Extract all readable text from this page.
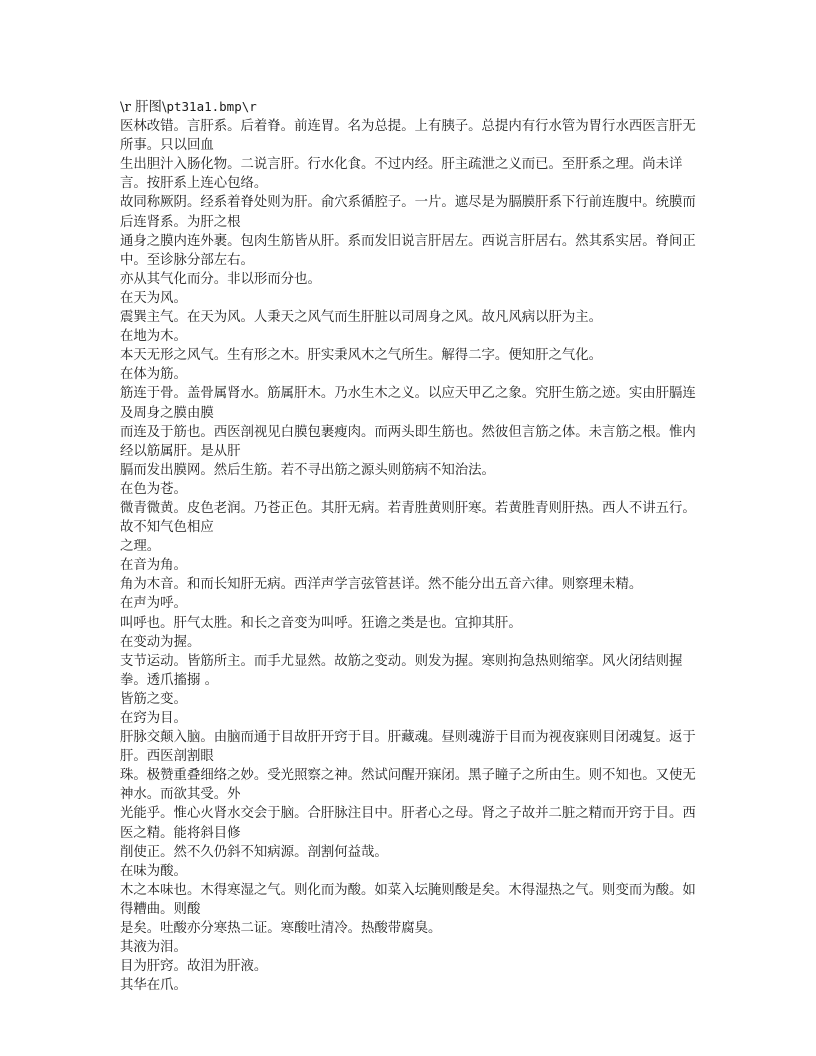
\r 肝图\pt31a1.bmp\r
医林改错。言肝系。后着脊。前连胃。名为总提。上有胰子。总提内有行水管为胃行水西医言肝无所事。只以回血
生出胆汁入肠化物。二说言肝。行水化食。不过内经。肝主疏泄之义而已。至肝系之理。尚未详言。按肝系上连心包络。
故同称厥阴。经系着脊处则为肝。俞穴系循腔子。一片。遮尽是为膈膜肝系下行前连腹中。统膜而后连肾系。为肝之根
通身之膜内连外裹。包肉生筋皆从肝。系而发旧说言肝居左。西说言肝居右。然其系实居。脊间正中。至诊脉分部左右。
亦从其气化而分。非以形而分也。
在天为风。
震巽主气。在天为风。人秉天之风气而生肝脏以司周身之风。故凡风病以肝为主。
在地为木。
本天无形之风气。生有形之木。肝实秉风木之气所生。解得二字。便知肝之气化。
在体为筋。
筋连于骨。盖骨属肾水。筋属肝木。乃水生木之义。以应天甲乙之象。究肝生筋之迹。实由肝膈连及周身之膜由膜
而连及于筋也。西医剖视见白膜包裹瘦肉。而两头即生筋也。然彼但言筋之体。未言筋之根。惟内经以筋属肝。是从肝
膈而发出膜网。然后生筋。若不寻出筋之源头则筋病不知治法。
在色为苍。
微青微黄。皮色老润。乃苍正色。其肝无病。若青胜黄则肝寒。若黄胜青则肝热。西人不讲五行。故不知气色相应
之理。
在音为角。
角为木音。和而长知肝无病。西洋声学言弦管甚详。然不能分出五音六律。则察理未精。
在声为呼。
叫呼也。肝气太胜。和长之音变为叫呼。狂谵之类是也。宜抑其肝。
在变动为握。
支节运动。皆筋所主。而手尤显然。故筋之变动。则发为握。寒则拘急热则缩挛。风火闭结则握拳。透爪搐搦 。
皆筋之变。
在窍为目。
肝脉交颠入脑。由脑而通于目故肝开窍于目。肝藏魂。昼则魂游于目而为视夜寐则目闭魂复。返于肝。西医剖割眼
珠。极赞重叠细络之妙。受光照察之神。然试问醒开寐闭。黑子瞳子之所由生。则不知也。又使无神水。而欲其受。外
光能乎。惟心火肾水交会于脑。合肝脉注目中。肝者心之母。肾之子故并二脏之精而开窍于目。西医之精。能将斜目修
削使正。然不久仍斜不知病源。剖割何益哉。
在味为酸。
木之本味也。木得寒湿之气。则化而为酸。如菜入坛腌则酸是矣。木得湿热之气。则变而为酸。如 得糟曲。则酸
是矣。吐酸亦分寒热二证。寒酸吐清冷。热酸带腐臭。
其液为泪。
目为肝窍。故泪为肝液。
其华在爪。
